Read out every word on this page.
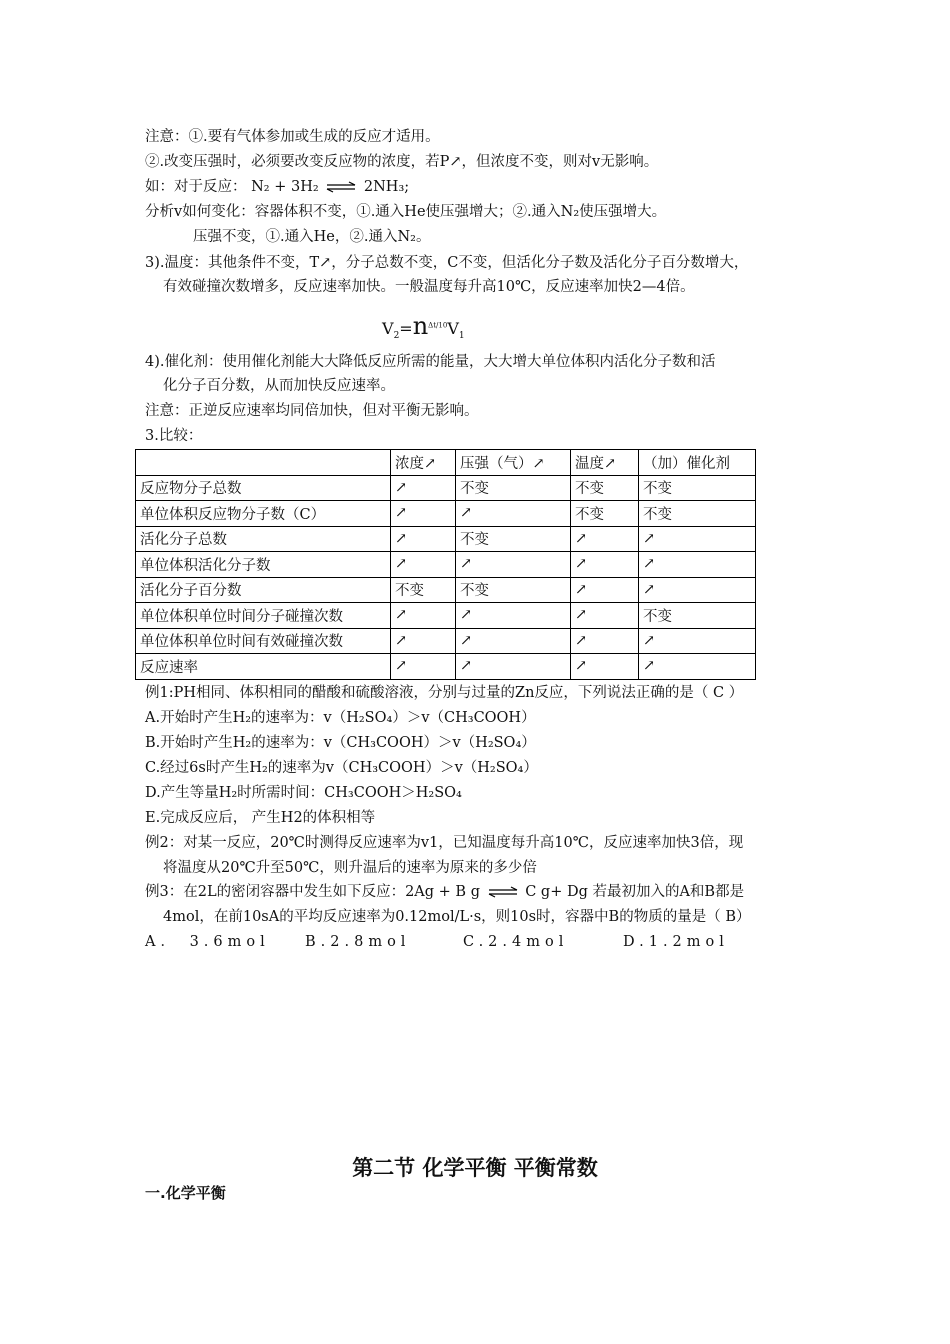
注意：①.要有气体参加或生成的反应才适用。
②.改变压强时，必须要改变反应物的浓度，若P↗，但浓度不变，则对v无影响。
如：对于反应： N₂ + 3H₂ ⇌ 2NH₃;
分析v如何变化：容器体积不变，①.通入He使压强增大；②.通入N₂使压强增大。
压强不变，①.通入He，②.通入N₂。
3).温度：其他条件不变，T↗，分子总数不变，C不变，但活化分子数及活化分子百分数增大，
有效碰撞次数增多，反应速率加快。一般温度每升高10℃，反应速率加快2—4倍。
$V_2=n^{\Delta t/10}V_1$
4).催化剂：使用催化剂能大大降低反应所需的能量，大大增大单位体积内活化分子数和活
化分子百分数，从而加快反应速率。
注意：正逆反应速率均同倍加快，但对平衡无影响。
3.比较：
	浓度↗	压强（气）↗	温度↗	（加）催化剂
反应物分子总数	↗	不变	不变	不变
单位体积反应物分子数（C）	↗	↗	不变	不变
活化分子总数	↗	不变	↗	↗
单位体积活化分子数	↗	↗	↗	↗
活化分子百分数	不变	不变	↗	↗
单位体积单位时间分子碰撞次数	↗	↗	↗	不变
单位体积单位时间有效碰撞次数	↗	↗	↗	↗
反应速率	↗	↗	↗	↗
例1:PH相同、体积相同的醋酸和硫酸溶液，分别与过量的Zn反应，下列说法正确的是（ C ）
A.开始时产生H₂的速率为：v（H₂SO₄）＞v（CH₃COOH）
B.开始时产生H₂的速率为：v（CH₃COOH）＞v（H₂SO₄）
C.经过6s时产生H₂的速率为v（CH₃COOH）＞v（H₂SO₄）
D.产生等量H₂时所需时间：CH₃COOH＞H₂SO₄
E.完成反应后， 产生H2的体积相等
例2：对某一反应，20℃时测得反应速率为v1，已知温度每升高10℃，反应速率加快3倍，现
将温度从20℃升至50℃，则升温后的速率为原来的多少倍
例3：在2L的密闭容器中发生如下反应：2Ag + B g ⇌ C g+ Dg 若最初加入的A和B都是
4mol，在前10sA的平均反应速率为0.12mol/L·s，则10s时，容器中B的物质的量是（ B）
A． 3.6mol B.2.8mol	C.2.4mol	D.1.2mol
第二节 化学平衡 平衡常数
一.化学平衡
